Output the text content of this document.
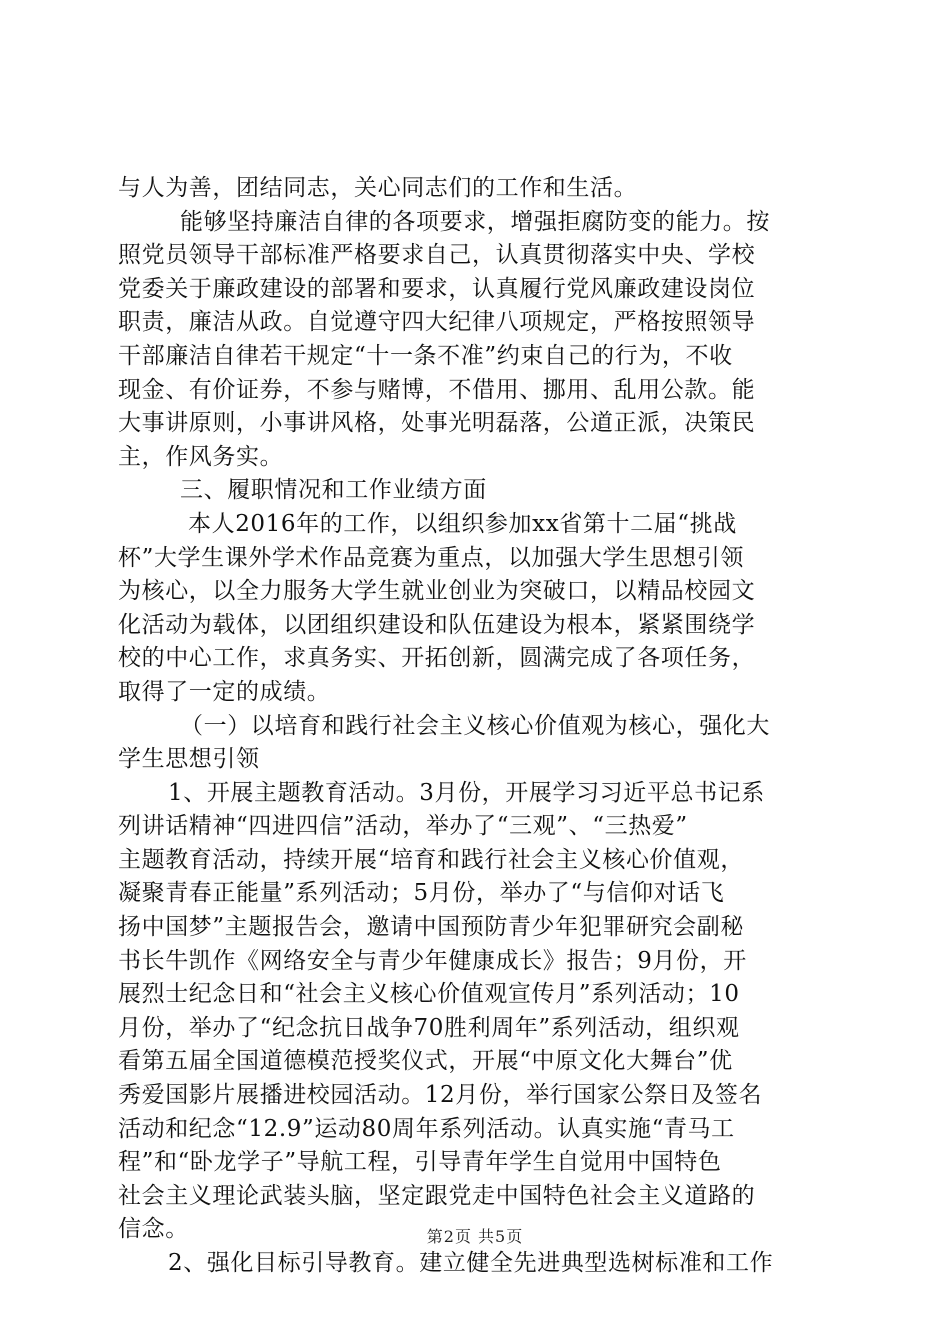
与人为善，团结同志，关心同志们的工作和生活。
能够坚持廉洁自律的各项要求，增强拒腐防变的能力。按
照党员领导干部标准严格要求自己，认真贯彻落实中央、学校
党委关于廉政建设的部署和要求，认真履行党风廉政建设岗位
职责，廉洁从政。自觉遵守四大纪律八项规定，严格按照领导
干部廉洁自律若干规定“十一条不准”约束自己的行为，不收
现金、有价证券，不参与赌博，不借用、挪用、乱用公款。能
大事讲原则，小事讲风格，处事光明磊落，公道正派，决策民
主，作风务实。
三、履职情况和工作业绩方面
本人2016年的工作，以组织参加xx省第十二届“挑战
杯”大学生课外学术作品竞赛为重点，以加强大学生思想引领
为核心，以全力服务大学生就业创业为突破口，以精品校园文
化活动为载体，以团组织建设和队伍建设为根本，紧紧围绕学
校的中心工作，求真务实、开拓创新，圆满完成了各项任务，
取得了一定的成绩。
（一）以培育和践行社会主义核心价值观为核心，强化大
学生思想引领
1、开展主题教育活动。3月份，开展学习习近平总书记系
列讲话精神“四进四信”活动，举办了“三观”、“三热爱”
主题教育活动，持续开展“培育和践行社会主义核心价值观，
凝聚青春正能量”系列活动；5月份，举办了“与信仰对话飞
扬中国梦”主题报告会，邀请中国预防青少年犯罪研究会副秘
书长牛凯作《网络安全与青少年健康成长》报告；9月份，开
展烈士纪念日和“社会主义核心价值观宣传月”系列活动；10
月份，举办了“纪念抗日战争70胜利周年”系列活动，组织观
看第五届全国道德模范授奖仪式，开展“中原文化大舞台”优
秀爱国影片展播进校园活动。12月份，举行国家公祭日及签名
活动和纪念“12.9”运动80周年系列活动。认真实施“青马工
程”和“卧龙学子”导航工程，引导青年学生自觉用中国特色
社会主义理论武装头脑，坚定跟党走中国特色社会主义道路的
信念。
2、强化目标引导教育。建立健全先进典型选树标准和工作
第2页 共5页
